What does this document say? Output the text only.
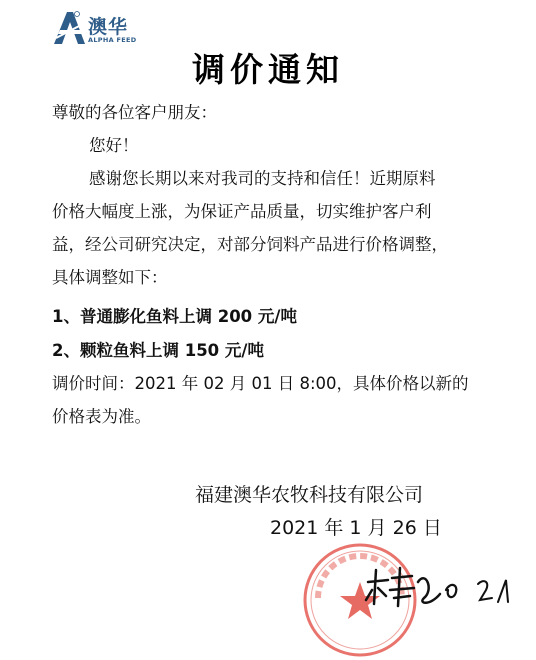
澳华
ALPHA FEED
调价通知
尊敬的各位客户朋友：
您好！
感谢您长期以来对我司的支持和信任！近期原料
价格大幅度上涨，为保证产品质量，切实维护客户利
益，经公司研究决定，对部分饲料产品进行价格调整，
具体调整如下：
1、普通膨化鱼料上调 200 元/吨
2、颗粒鱼料上调 150 元/吨
调价时间：2021 年 02 月 01 日 8:00，具体价格以新的
价格表为准。
福建澳华农牧科技有限公司
2021 年 1 月 26 日
